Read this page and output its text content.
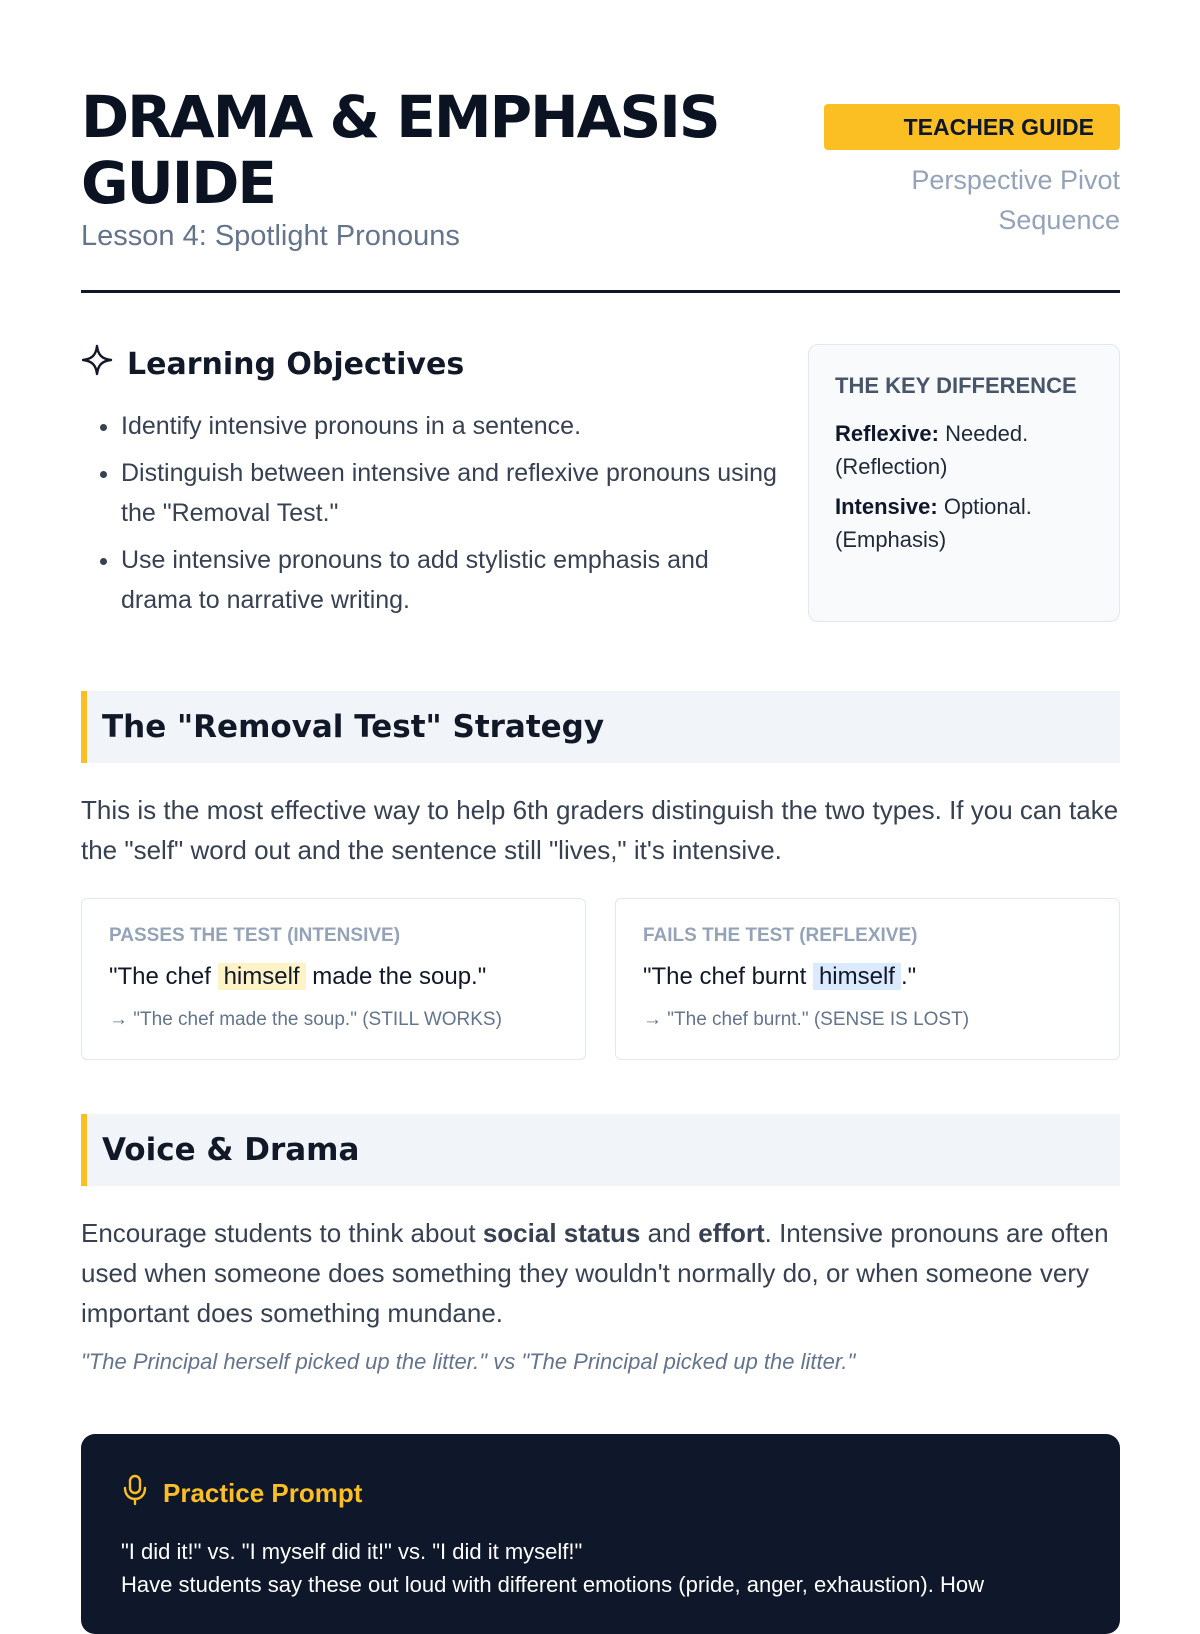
DRAMA & EMPHASIS GUIDE
Lesson 4: Spotlight Pronouns
TEACHER GUIDE
Perspective Pivot Sequence
Learning Objectives
• Identify intensive pronouns in a sentence.
• Distinguish between intensive and reflexive pronouns using the "Removal Test."
• Use intensive pronouns to add stylistic emphasis and drama to narrative writing.
THE KEY DIFFERENCE
Reflexive: Needed. (Reflection)
Intensive: Optional. (Emphasis)
The "Removal Test" Strategy

This is the most effective way to help 6th graders distinguish the two types. If you can take the "self" word out and the sentence still "lives," it's intensive.

PASSES THE TEST (INTENSIVE)
"The chef himself made the soup."
→ "The chef made the soup." (STILL WORKS)
FAILS THE TEST (REFLEXIVE)
"The chef burnt himself ."
→ "The chef burnt." (SENSE IS LOST)
Voice & Drama

Encourage students to think about social status and effort. Intensive pronouns are often used when someone does something they wouldn't normally do, or when someone very important does something mundane.

"The Principal herself picked up the litter." vs "The Principal picked up the litter."

Practice Prompt
"I did it!" vs. "I myself did it!" vs. "I did it myself!"
Have students say these out loud with different emotions (pride, anger, exhaustion). How
